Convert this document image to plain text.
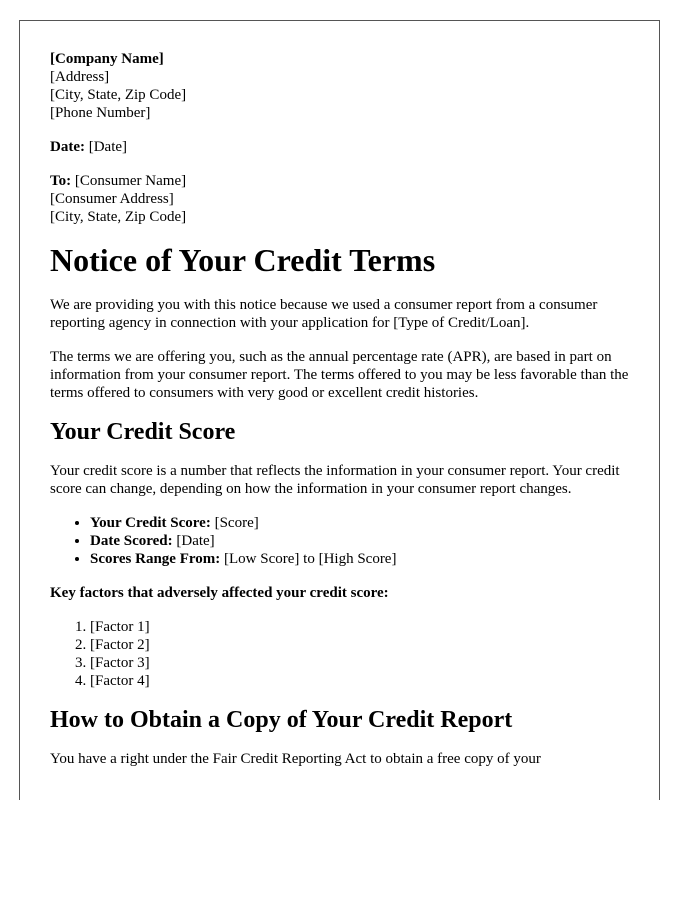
[Company Name]
[Address]
[City, State, Zip Code]
[Phone Number]

Date: [Date]

To: [Consumer Name]
[Consumer Address]
[City, State, Zip Code]
Notice of Your Credit Terms

We are providing you with this notice because we used a consumer report from a consumer reporting agency in connection with your application for [Type of Credit/Loan].

The terms we are offering you, such as the annual percentage rate (APR), are based in part on information from your consumer report. The terms offered to you may be less favorable than the terms offered to consumers with very good or excellent credit histories.

Your Credit Score

Your credit score is a number that reflects the information in your consumer report. Your credit score can change, depending on how the information in your consumer report changes.

• Your Credit Score: [Score]
• Date Scored: [Date]
• Scores Range From: [Low Score] to [High Score]

Key factors that adversely affected your credit score:

1. [Factor 1]
2. [Factor 2]
3. [Factor 3]
4. [Factor 4]
How to Obtain a Copy of Your Credit Report

You have a right under the Fair Credit Reporting Act to obtain a free copy of your
